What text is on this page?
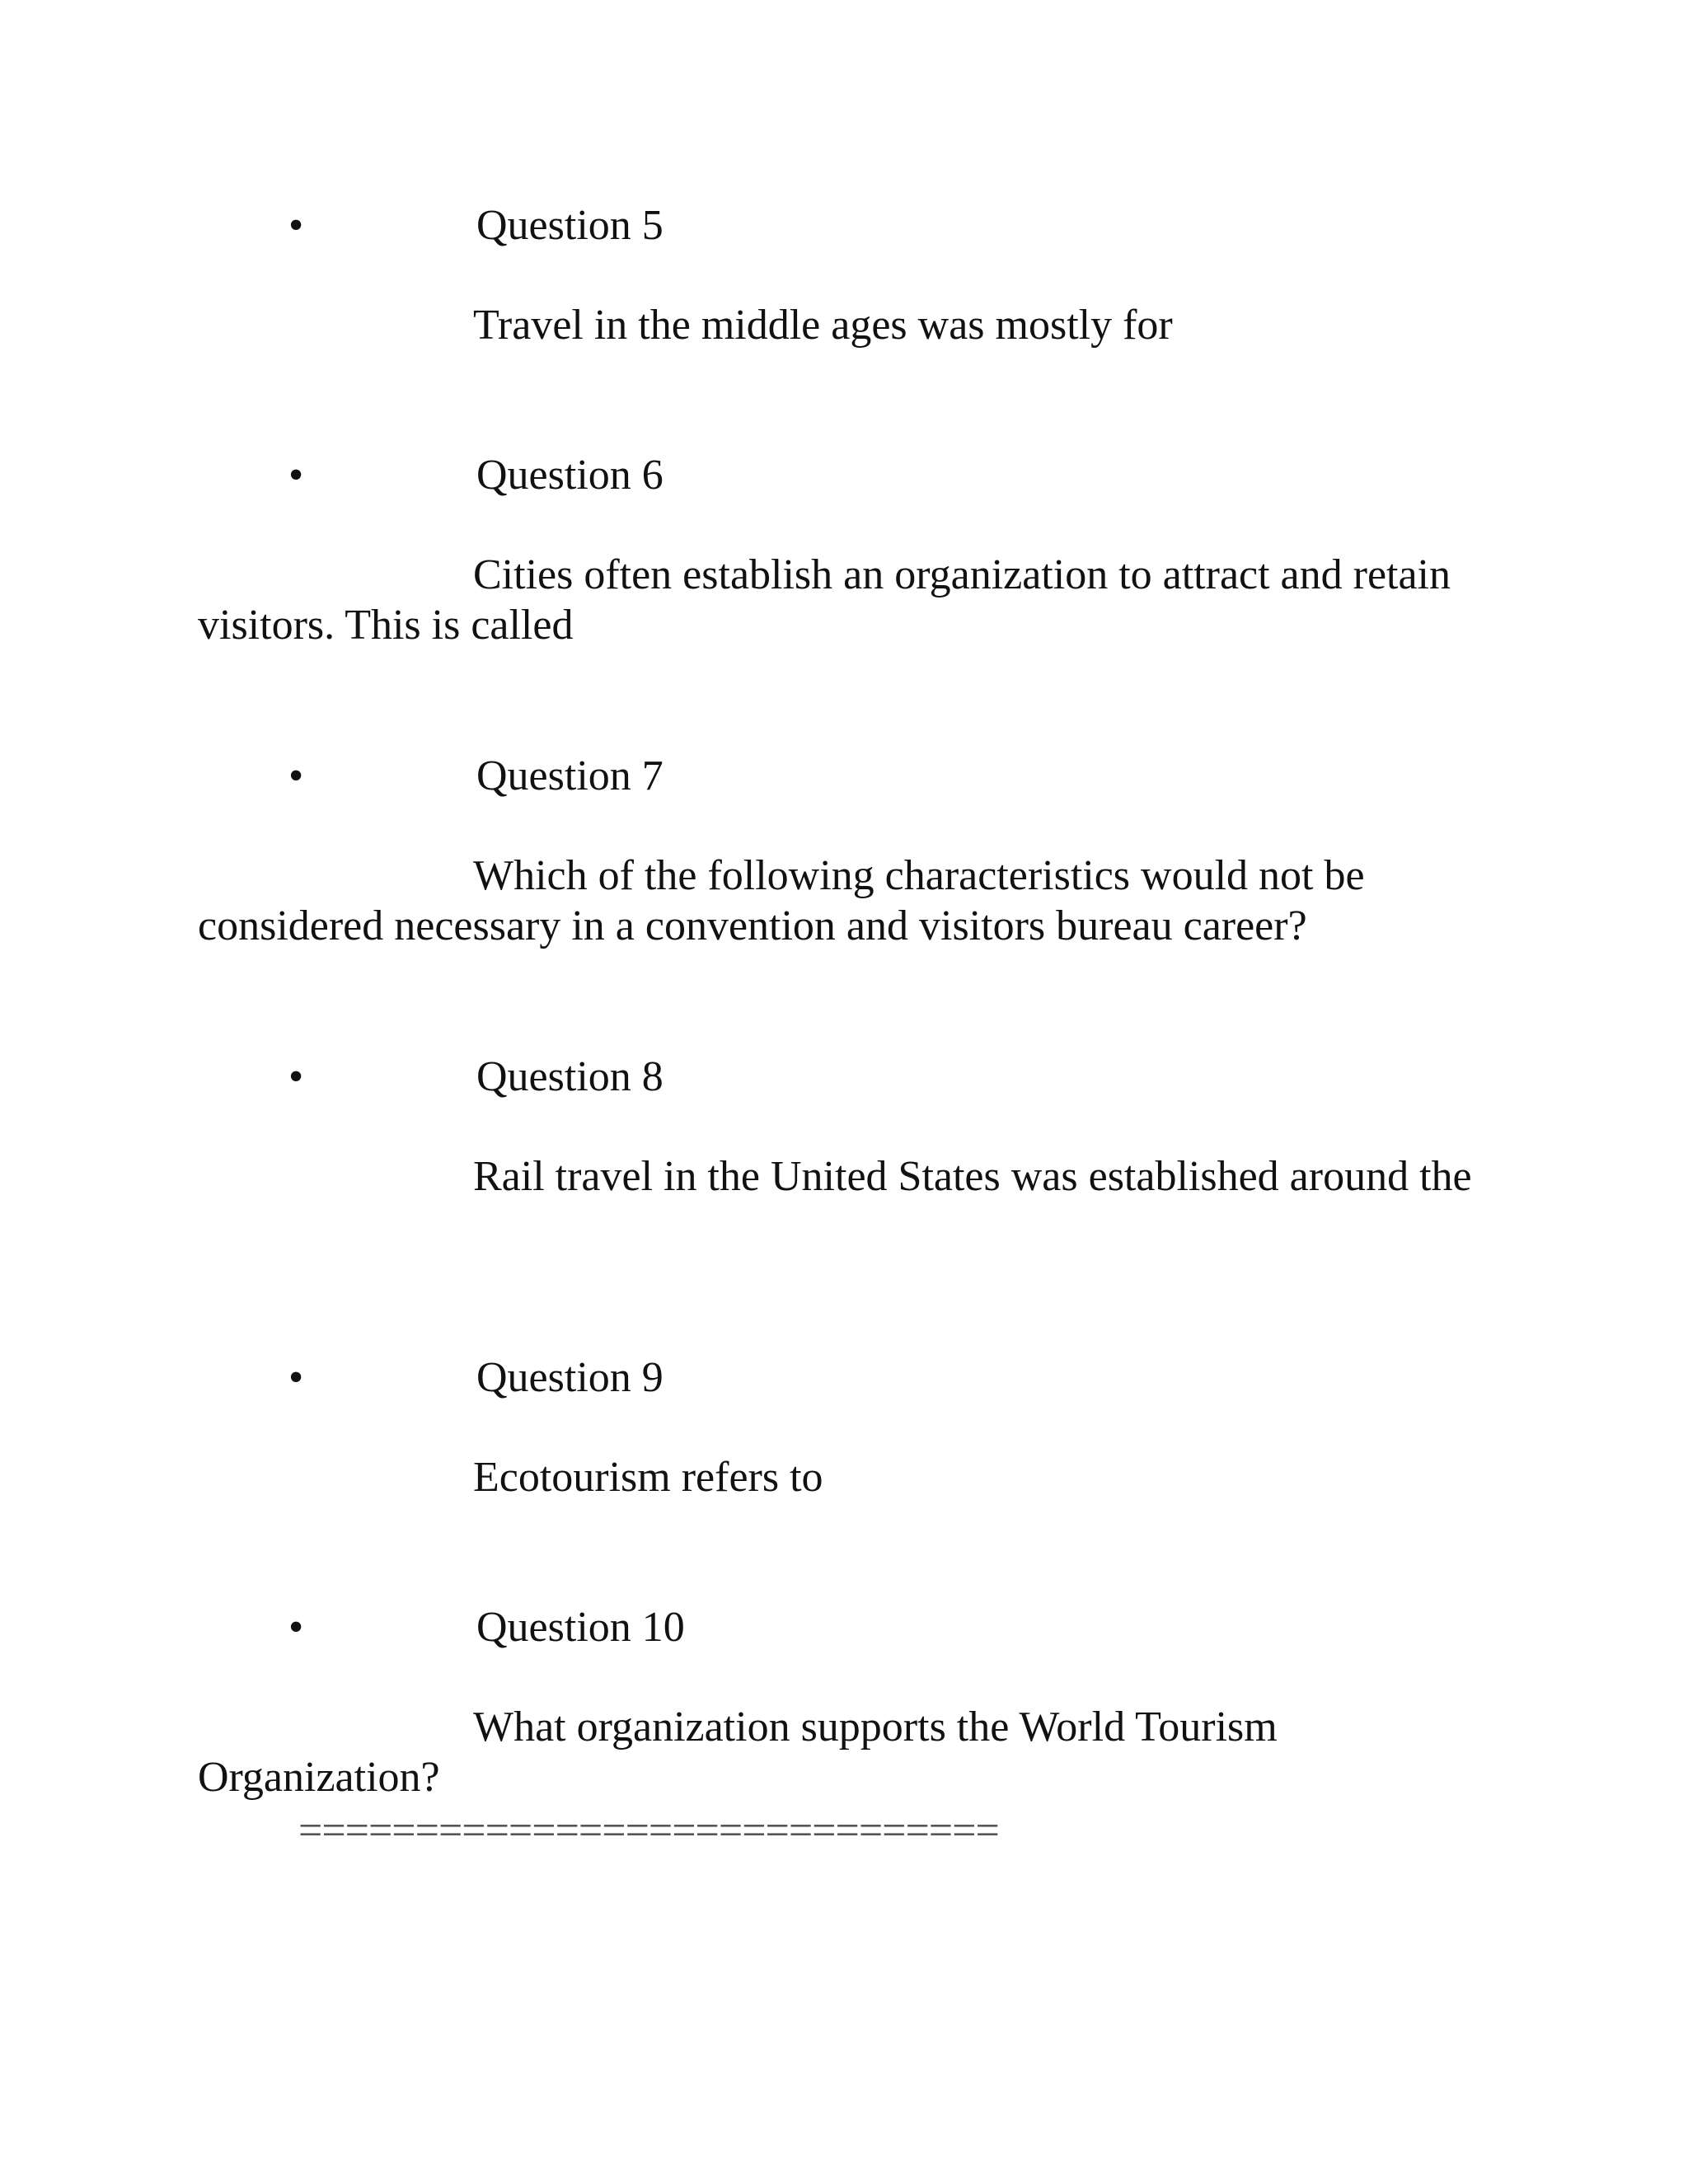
•	Question 5

Travel in the middle ages was mostly for

•	Question 6

Cities often establish an organization to attract and retain visitors. This is called

•	Question 7

Which of the following characteristics would not be considered necessary in a convention and visitors bureau career?

•	Question 8

Rail travel in the United States was established around the

•	Question 9

Ecotourism refers to

•	Question 10

What organization supports the World Tourism Organization?

==============================
